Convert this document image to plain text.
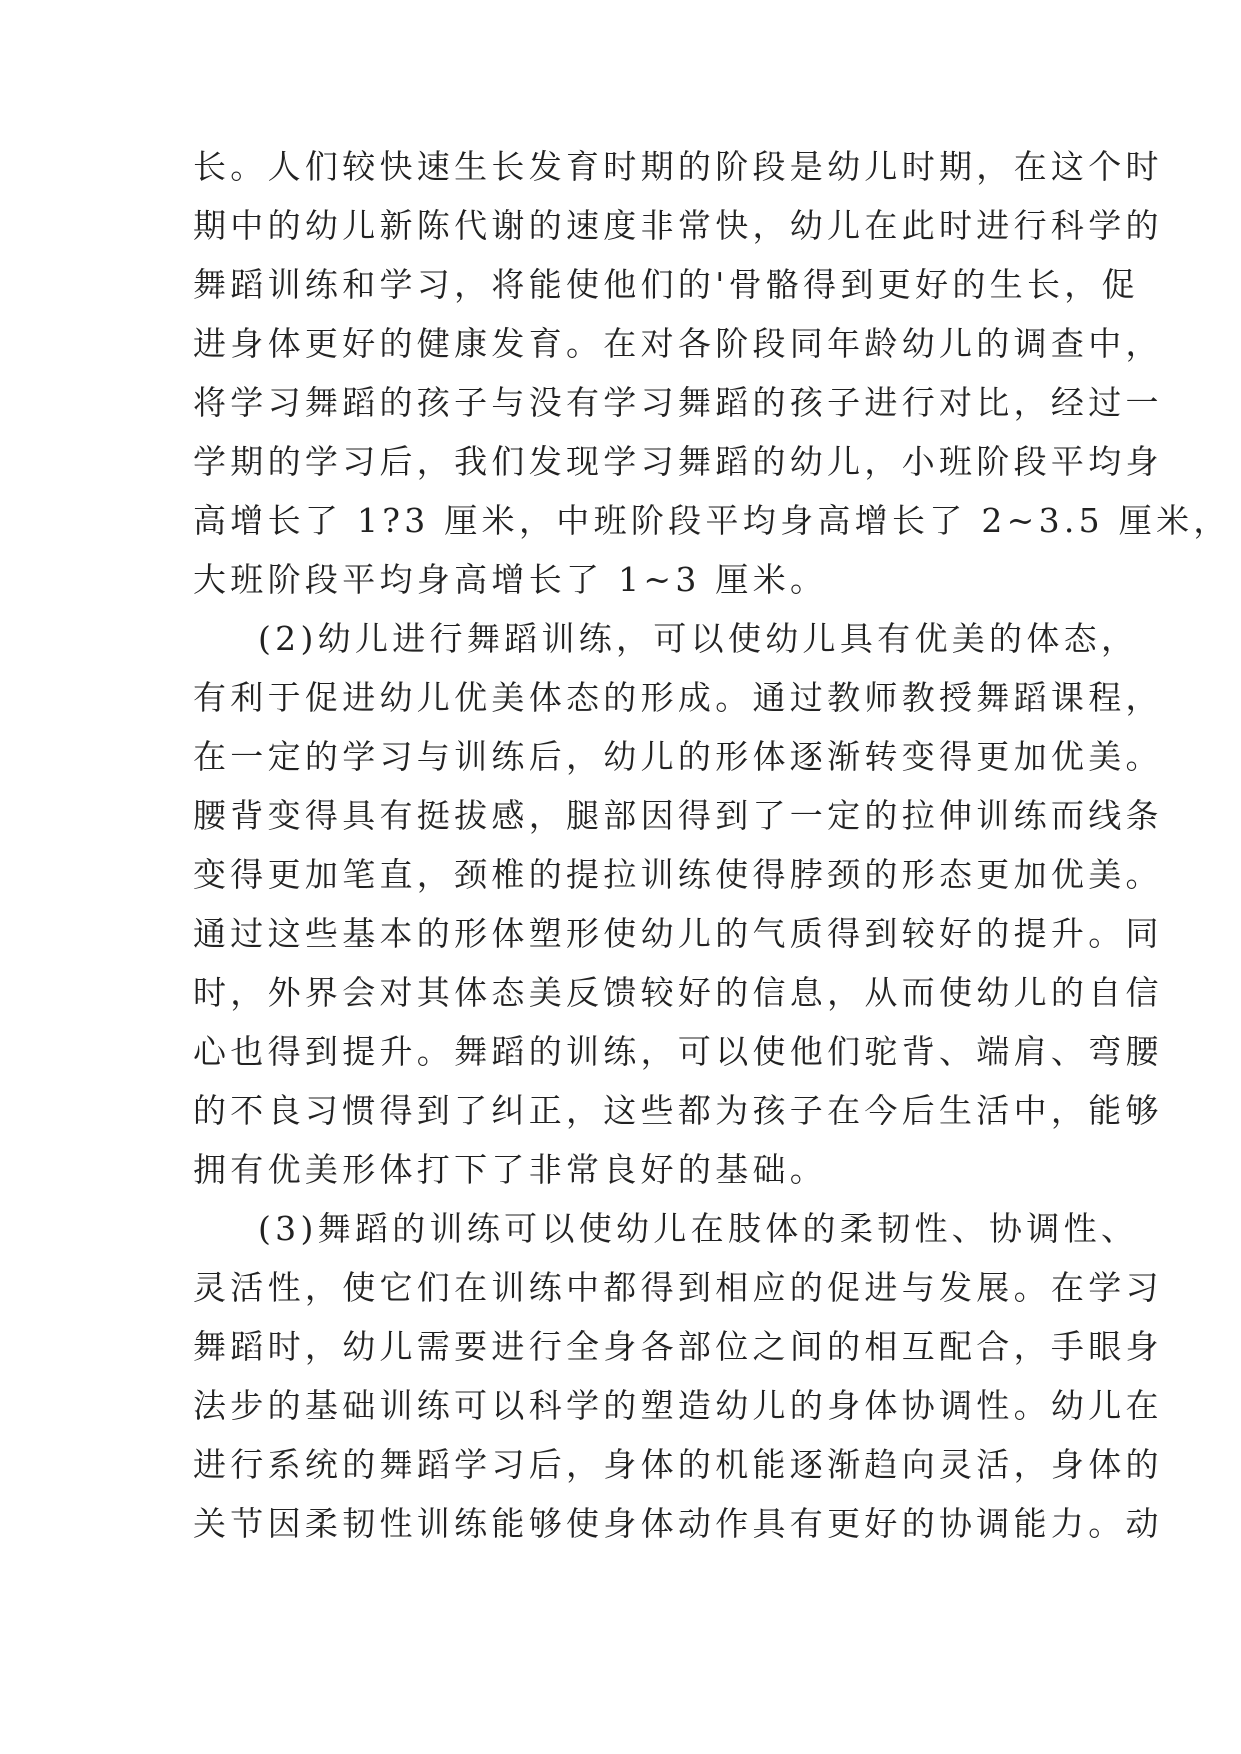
长。人们较快速生长发育时期的阶段是幼儿时期，在这个时
期中的幼儿新陈代谢的速度非常快，幼儿在此时进行科学的
舞蹈训练和学习，将能使他们的'骨骼得到更好的生长，促
进身体更好的健康发育。在对各阶段同年龄幼儿的调查中，
将学习舞蹈的孩子与没有学习舞蹈的孩子进行对比，经过一
学期的学习后，我们发现学习舞蹈的幼儿，小班阶段平均身
高增长了 1?3 厘米，中班阶段平均身高增长了 2~3.5 厘米，
大班阶段平均身高增长了 1~3 厘米。
(2)幼儿进行舞蹈训练，可以使幼儿具有优美的体态，
有利于促进幼儿优美体态的形成。通过教师教授舞蹈课程，
在一定的学习与训练后，幼儿的形体逐渐转变得更加优美。
腰背变得具有挺拔感，腿部因得到了一定的拉伸训练而线条
变得更加笔直，颈椎的提拉训练使得脖颈的形态更加优美。
通过这些基本的形体塑形使幼儿的气质得到较好的提升。同
时，外界会对其体态美反馈较好的信息，从而使幼儿的自信
心也得到提升。舞蹈的训练，可以使他们驼背、端肩、弯腰
的不良习惯得到了纠正，这些都为孩子在今后生活中，能够
拥有优美形体打下了非常良好的基础。
(3)舞蹈的训练可以使幼儿在肢体的柔韧性、协调性、
灵活性，使它们在训练中都得到相应的促进与发展。在学习
舞蹈时，幼儿需要进行全身各部位之间的相互配合，手眼身
法步的基础训练可以科学的塑造幼儿的身体协调性。幼儿在
进行系统的舞蹈学习后，身体的机能逐渐趋向灵活，身体的
关节因柔韧性训练能够使身体动作具有更好的协调能力。动
